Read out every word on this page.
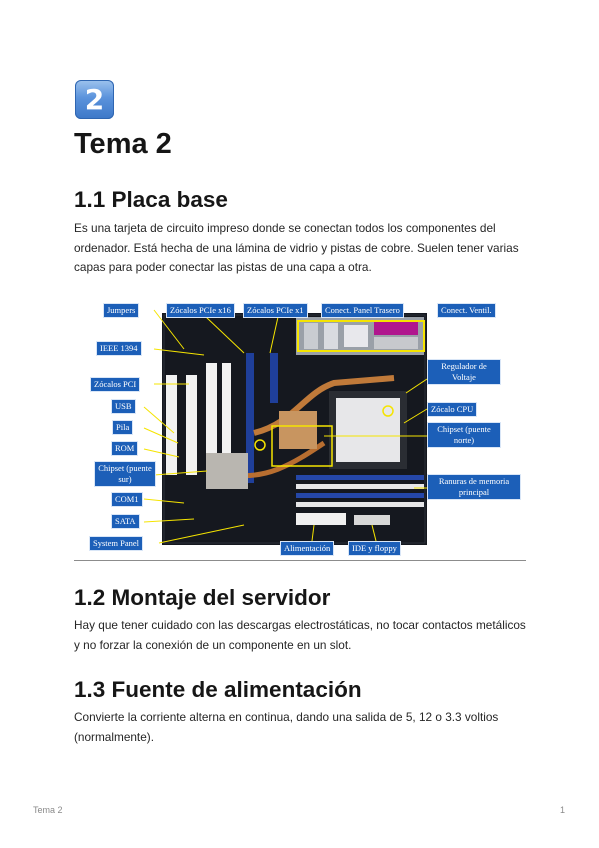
2
Tema 2
1.1 Placa base

Es una tarjeta de circuito impreso donde se conectan todos los componentes del ordenador. Está hecha de una lámina de vidrio y pistas de cobre. Suelen tener varias capas para poder conectar las pistas de una capa a otra.

Jumpers	Zócalos PCIe x16	Zócalos PCIe x1	Conect. Panel Trasero	Conect. Ventil.
IEEE 1394
Zócalos PCI
USB
Pila
ROM
Chipset (puente sur)
COM1
SATA
System Panel
Regulador de Voltaje
Zócalo CPU
Chipset (puente norte)
Ranuras de memoria principal
Alimentación	IDE y floppy
1.2 Montaje del servidor

Hay que tener cuidado con las descargas electrostáticas, no tocar contactos metálicos y no forzar la conexión de un componente en un slot.

1.3 Fuente de alimentación

Convierte la corriente alterna en continua, dando una salida de 5, 12 o 3.3 voltios (normalmente).

Tema 2	1
